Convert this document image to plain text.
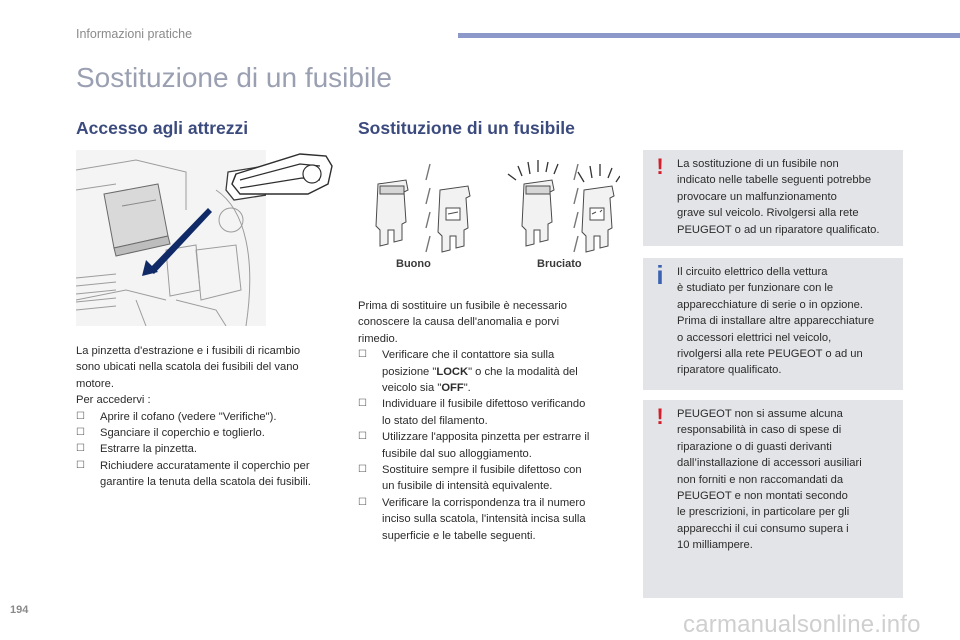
Informazioni pratiche
Sostituzione di un fusibile
Accesso agli attrezzi	Sostituzione di un fusibile
La pinzetta d'estrazione e i fusibili di ricambio
sono ubicati nella scatola dei fusibili del vano
motore.
Per accedervi :
☐ Aprire il cofano (vedere "Verifiche").
☐ Sganciare il coperchio e toglierlo.
☐ Estrarre la pinzetta.
☐ Richiudere accuratamente il coperchio per
garantire la tenuta della scatola dei fusibili.
Buono	Bruciato
Prima di sostituire un fusibile è necessario
conoscere la causa dell'anomalia e porvi
rimedio.
☐ Verificare che il contattore sia sulla
posizione "LOCK" o che la modalità del
veicolo sia "OFF".
☐ Individuare il fusibile difettoso verificando
lo stato del filamento.
☐ Utilizzare l'apposita pinzetta per estrarre il
fusibile dal suo alloggiamento.
☐ Sostituire sempre il fusibile difettoso con
un fusibile di intensità equivalente.
☐ Verificare la corrispondenza tra il numero
inciso sulla scatola, l'intensità incisa sulla
superficie e le tabelle seguenti.
! La sostituzione di un fusibile non
indicato nelle tabelle seguenti potrebbe
provocare un malfunzionamento
grave sul veicolo. Rivolgersi alla rete
PEUGEOT o ad un riparatore qualificato.
i	Il circuito elettrico della vettura
è studiato per funzionare con le
apparecchiature di serie o in opzione.
Prima di installare altre apparecchiature
o accessori elettrici nel veicolo,
rivolgersi alla rete PEUGEOT o ad un
riparatore qualificato.
! PEUGEOT non si assume alcuna
responsabilità in caso di spese di
riparazione o di guasti derivanti
dall’installazione di accessori ausiliari
non forniti e non raccomandati da
PEUGEOT e non montati secondo
le prescrizioni, in particolare per gli
apparecchi il cui consumo supera i
10 milliampere.
194
carmanualsonline.info
